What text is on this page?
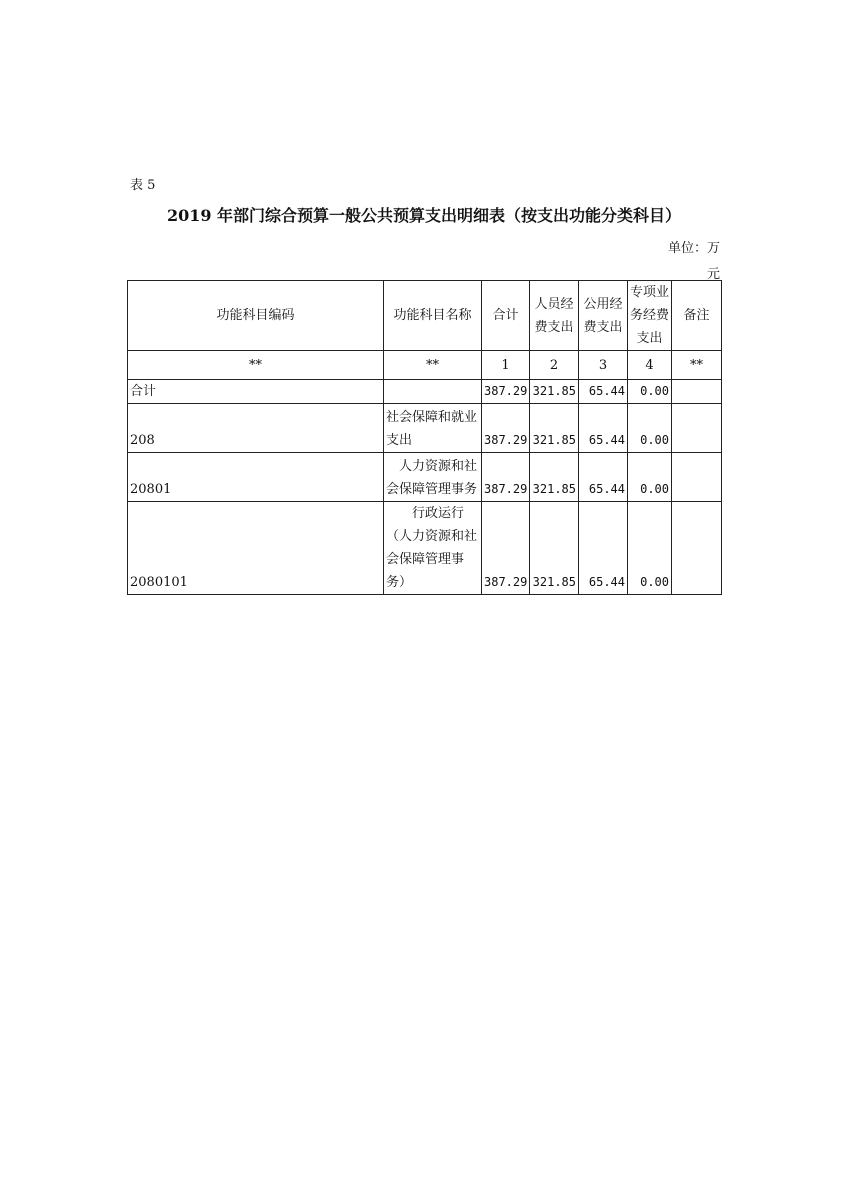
表 5
2019 年部门综合预算一般公共预算支出明细表（按支出功能分类科目）
单位：万
元
功能科目编码	功能科目名称	合计	人员经费支出	公用经费支出	专项业务经费支出	备注
**	**	1	2	3	4	**
合计		387.29	321.85	65.44	0.00	
208	社会保障和就业支出	387.29	321.85	65.44	0.00	
20801	人力资源和社会保障管理事务	387.29	321.85	65.44	0.00	
2080101	行政运行（人力资源和社会保障管理事务）	387.29	321.85	65.44	0.00	
